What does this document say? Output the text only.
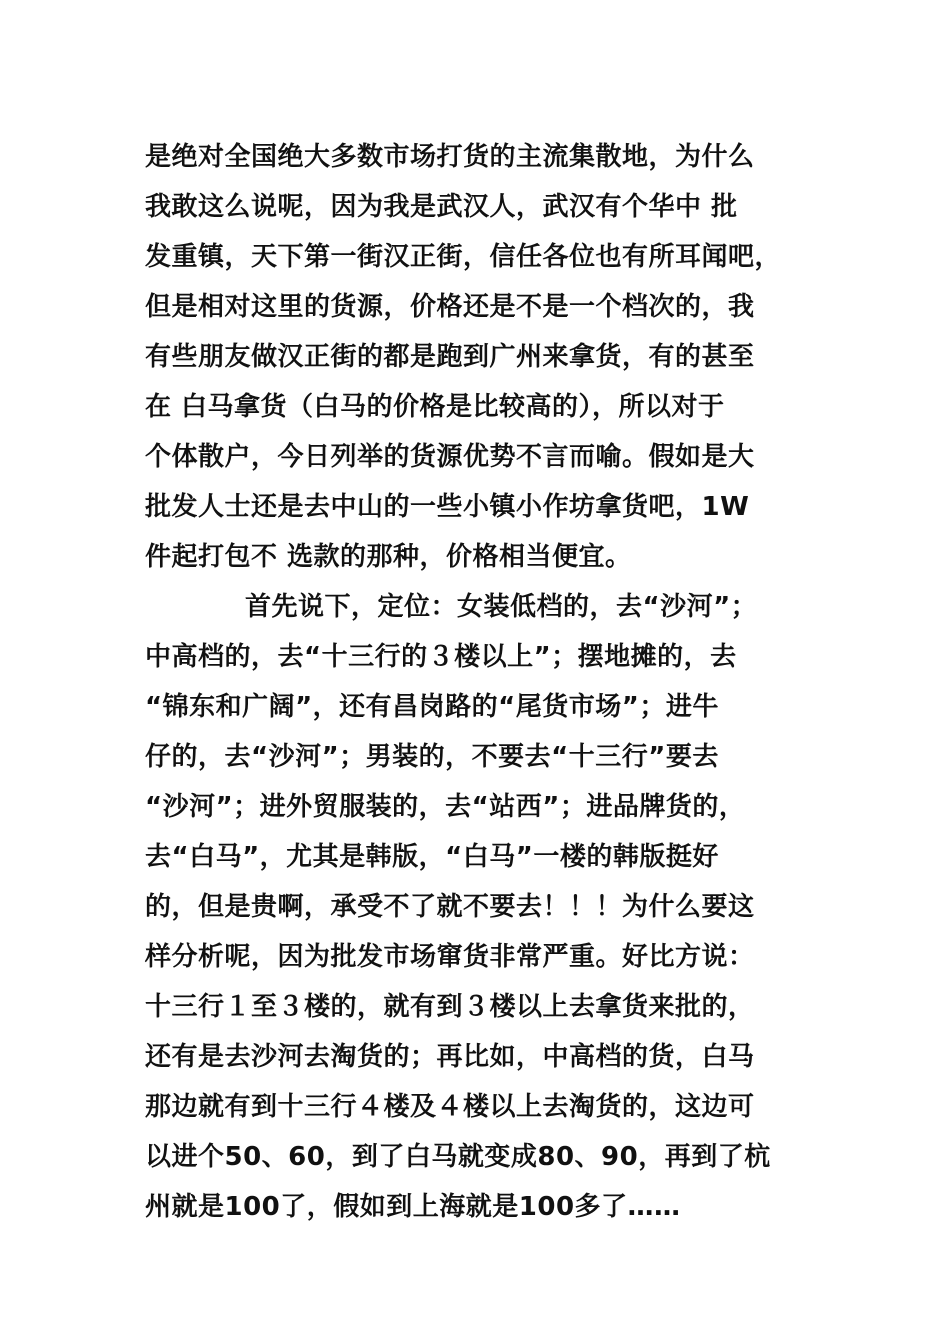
是绝对全国绝大多数市场打货的主流集散地，为什么
我敢这么说呢，因为我是武汉人，武汉有个华中 批
发重镇，天下第一街汉正街，信任各位也有所耳闻吧，
但是相对这里的货源，价格还是不是一个档次的，我
有些朋友做汉正街的都是跑到广州来拿货，有的甚至
在 白马拿货（白马的价格是比较高的），所以对于
个体散户，今日列举的货源优势不言而喻。假如是大
批发人士还是去中山的一些小镇小作坊拿货吧，1W
件起打包不 选款的那种，价格相当便宜。
首先说下，定位：女装低档的，去“沙河”；
中高档的，去“十三行的３楼以上”；摆地摊的，去
“锦东和广阔”，还有昌岗路的“尾货市场”；进牛
仔的，去“沙河”；男装的，不要去“十三行”要去
“沙河”；进外贸服装的，去“站西”；进品牌货的，
去“白马”，尤其是韩版，“白马”一楼的韩版挺好
的，但是贵啊，承受不了就不要去！！！为什么要这
样分析呢，因为批发市场窜货非常严重。好比方说：
十三行１至３楼的，就有到３楼以上去拿货来批的，
还有是去沙河去淘货的；再比如，中高档的货，白马
那边就有到十三行４楼及４楼以上去淘货的，这边可
以进个50、60，到了白马就变成80、90，再到了杭
州就是100了，假如到上海就是100多了……
